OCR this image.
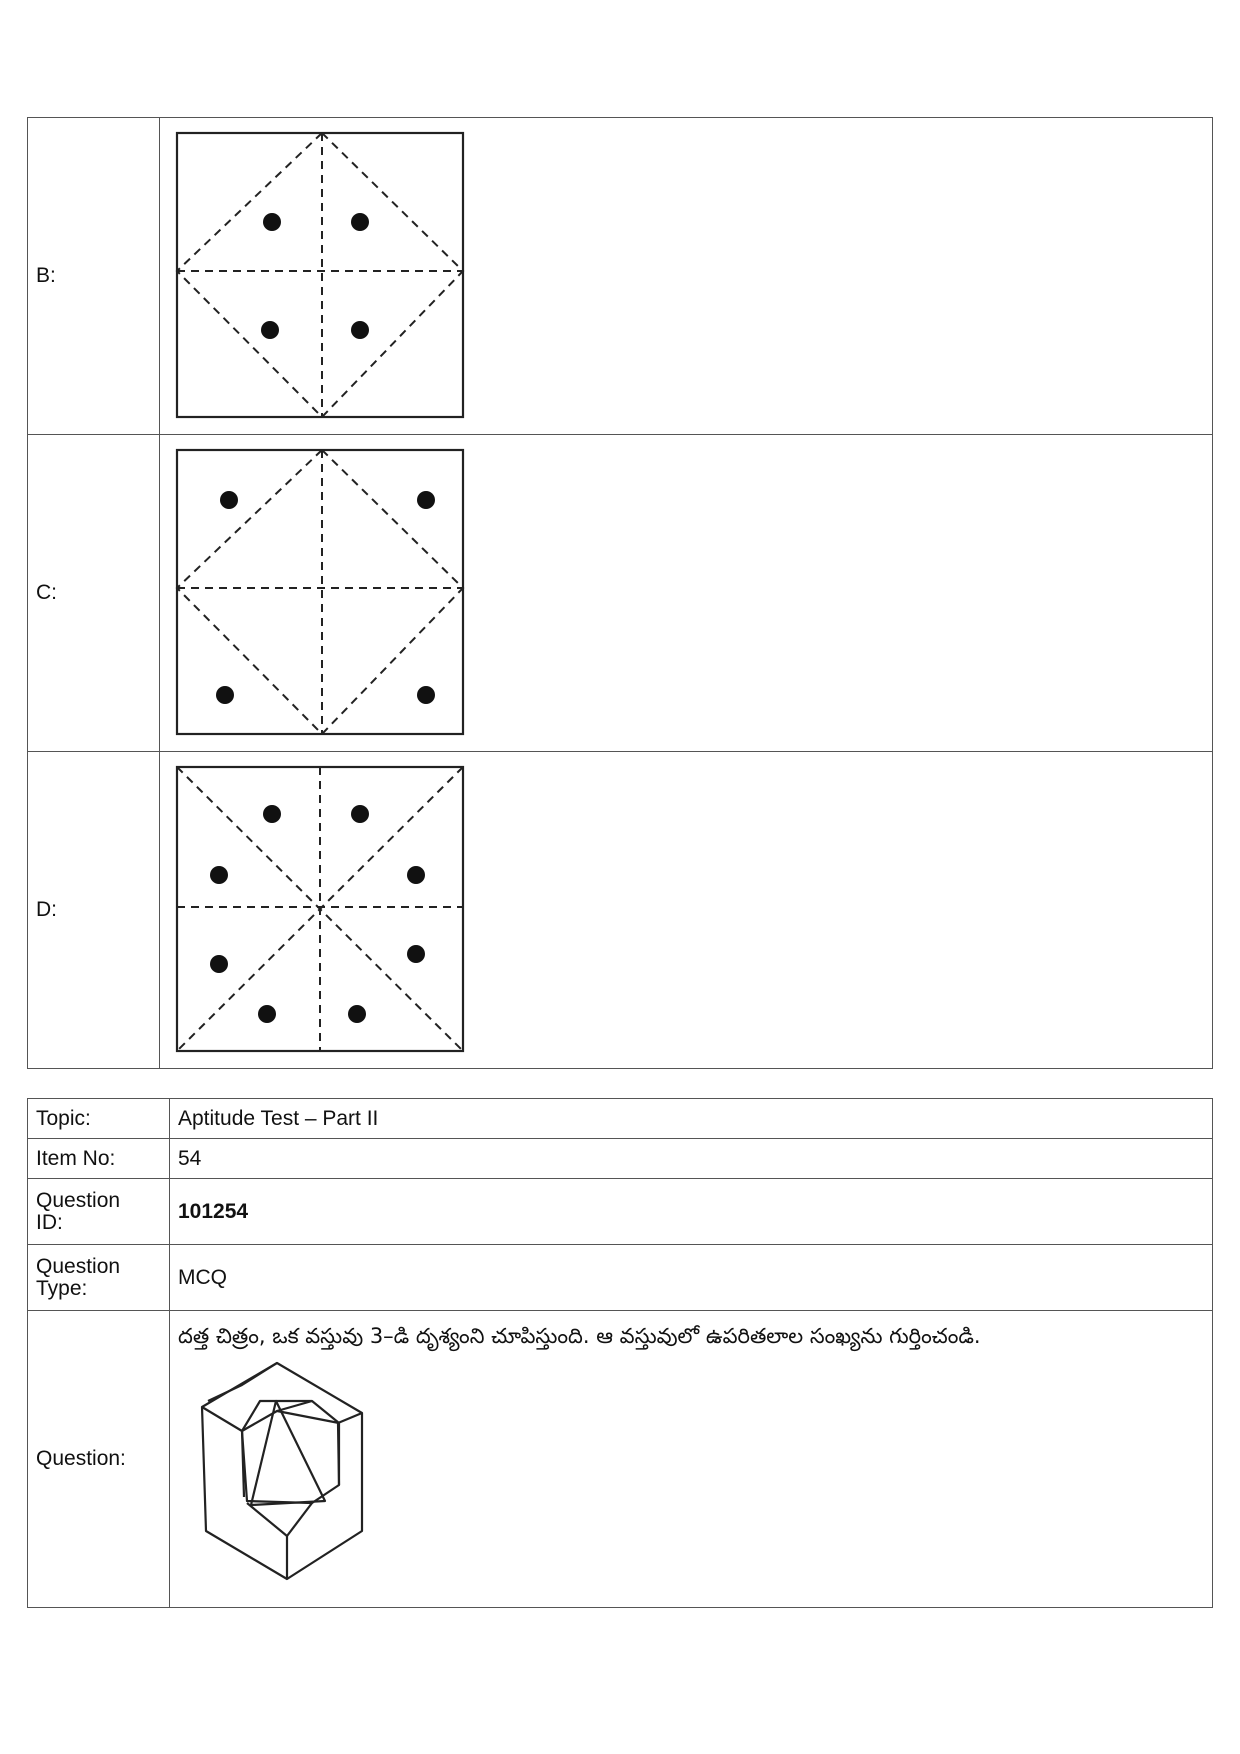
B:	

C:	

D:	
Topic:	Aptitude Test – Part II
Item No:	54
Question
ID:	101254
Question
Type:	MCQ
Question:	దత్త చిత్రం, ఒక వస్తువు 3–డి దృశ్యంని చూపిస్తుంది. ఆ వస్తువులో ఉపరితలాల సంఖ్యను గుర్తించండి.
